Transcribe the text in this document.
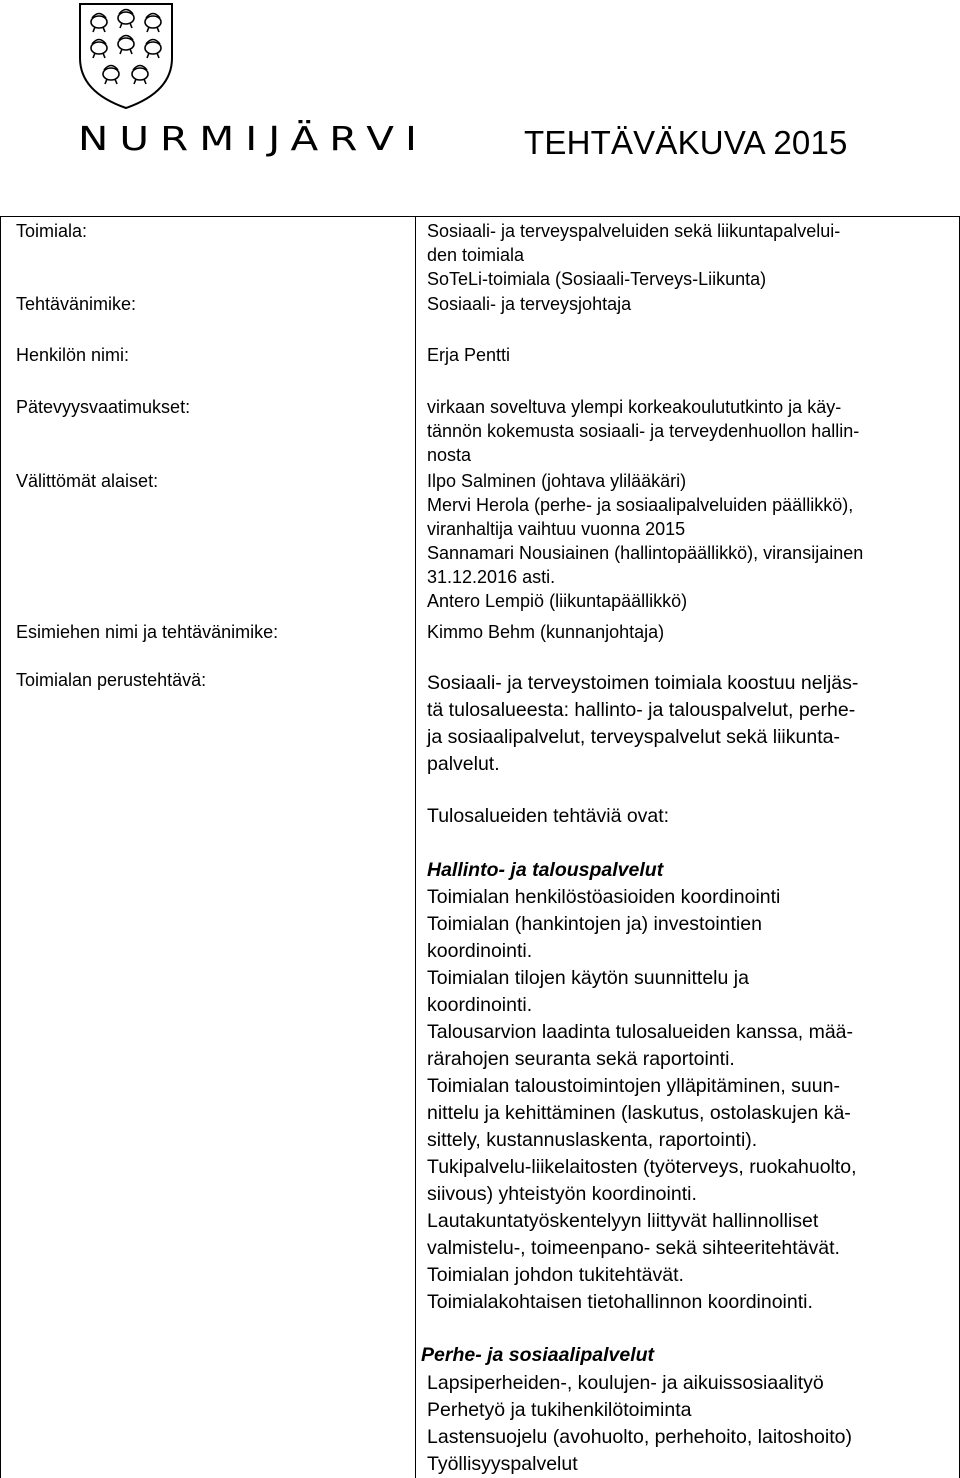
NURMIJÄRVI	TEHTÄVÄKUVA 2015
Toimiala:
Tehtävänimike:
Henkilön nimi:
Pätevyysvaatimukset:
Välittömät alaiset:
Esimiehen nimi ja tehtävänimike:
Toimialan perustehtävä:
Sosiaali- ja terveyspalveluiden sekä liikuntapalvelui-
den toimiala
SoTeLi-toimiala (Sosiaali-Terveys-Liikunta)
Sosiaali- ja terveysjohtaja
Erja Pentti
virkaan soveltuva ylempi korkeakoulututkinto ja käy-
tännön kokemusta sosiaali- ja terveydenhuollon hallin-
nosta
Ilpo Salminen (johtava ylilääkäri)
Mervi Herola (perhe- ja sosiaalipalveluiden päällikkö),
viranhaltija vaihtuu vuonna 2015
Sannamari Nousiainen (hallintopäällikkö), viransijainen
31.12.2016 asti.
Antero Lempiö (liikuntapäällikkö)
Kimmo Behm (kunnanjohtaja)
Sosiaali- ja terveystoimen toimiala koostuu neljäs-
tä tulosalueesta: hallinto- ja talouspalvelut, perhe-
ja sosiaalipalvelut, terveyspalvelut sekä liikunta-
palvelut.
Tulosalueiden tehtäviä ovat:
Hallinto- ja talouspalvelut
Toimialan henkilöstöasioiden koordinointi
Toimialan (hankintojen ja) investointien
koordinointi.
Toimialan tilojen käytön suunnittelu ja
koordinointi.
Talousarvion laadinta tulosalueiden kanssa, mää-
rärahojen seuranta sekä raportointi.
Toimialan taloustoimintojen ylläpitäminen, suun-
nittelu ja kehittäminen (laskutus, ostolaskujen kä-
sittely, kustannuslaskenta, raportointi).
Tukipalvelu-liikelaitosten (työterveys, ruokahuolto,
siivous) yhteistyön koordinointi.
Lautakuntatyöskentelyyn liittyvät hallinnolliset
valmistelu-, toimeenpano- sekä sihteeritehtävät.
Toimialan johdon tukitehtävät.
Toimialakohtaisen tietohallinnon koordinointi.
Perhe- ja sosiaalipalvelut
Lapsiperheiden-, koulujen- ja aikuissosiaalityö
Perhetyö ja tukihenkilötoiminta
Lastensuojelu (avohuolto, perhehoito, laitoshoito)
Työllisyyspalvelut
